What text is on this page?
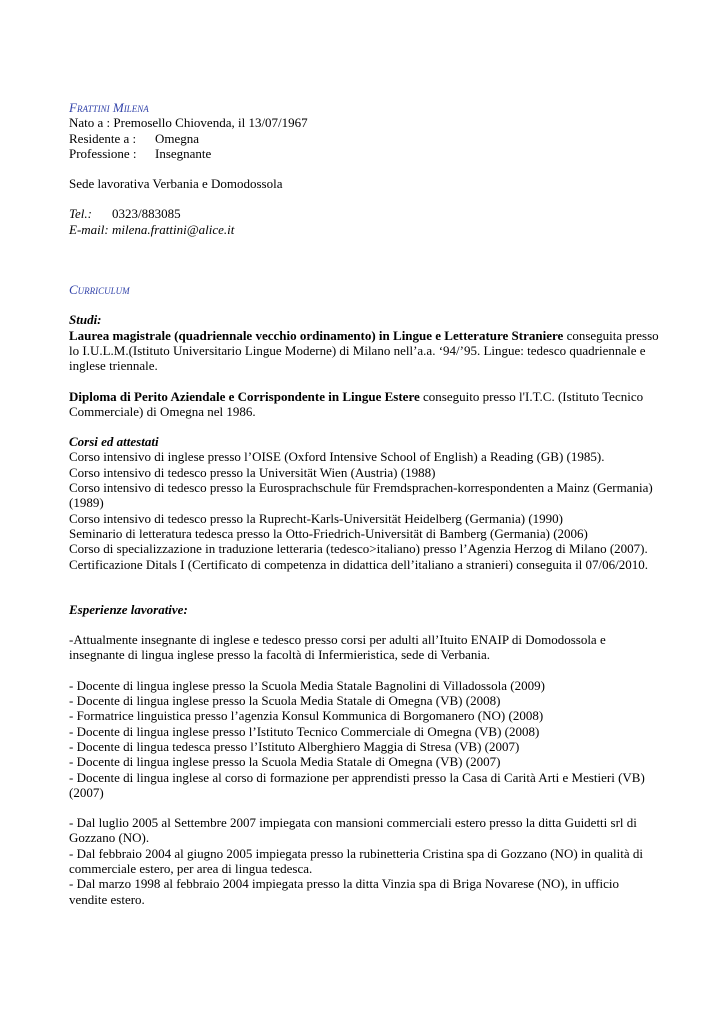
Frattini Milena
Nato a : Premosello Chiovenda, il 13/07/1967
Residente a : Omegna
Professione : Insegnante
Sede lavorativa Verbania e Domodossola
Tel.: 0323/883085
E-mail: milena.frattini@alice.it
Curriculum
Studi:

Laurea magistrale (quadriennale vecchio ordinamento) in Lingue e Letterature Straniere conseguita presso lo I.U.L.M.(Istituto Universitario Lingue Moderne) di Milano nell’a.a. ‘94/’95. Lingue: tedesco quadriennale e inglese triennale.

Diploma di Perito Aziendale e Corrispondente in Lingue Estere conseguito presso l'I.T.C. (Istituto Tecnico Commerciale) di Omegna nel 1986.

Corsi ed attestati
Corso intensivo di inglese presso l’OISE (Oxford Intensive School of English) a Reading (GB) (1985).
Corso intensivo di tedesco presso la Universität Wien (Austria) (1988)
Corso intensivo di tedesco presso la Eurosprachschule für Fremdsprachen-korrespondenten a Mainz (Germania) (1989)
Corso intensivo di tedesco presso la Ruprecht-Karls-Universität Heidelberg (Germania) (1990)
Seminario di letteratura tedesca presso la Otto-Friedrich-Universität di Bamberg (Germania) (2006)
Corso di specializzazione in traduzione letteraria (tedesco>italiano) presso l’Agenzia Herzog di Milano (2007).
Certificazione Ditals I (Certificato di competenza in didattica dell’italiano a stranieri) conseguita il 07/06/2010.
Esperienze lavorative:

-Attualmente insegnante di inglese e tedesco presso corsi per adulti all’Ituito ENAIP di Domodossola e insegnante di lingua inglese presso la facoltà di Infermieristica, sede di Verbania.

- Docente di lingua inglese presso la Scuola Media Statale Bagnolini di Villadossola (2009)
- Docente di lingua inglese presso la Scuola Media Statale di Omegna (VB) (2008)
- Formatrice linguistica presso l’agenzia Konsul Kommunica di Borgomanero (NO) (2008)
- Docente di lingua inglese presso l’Istituto Tecnico Commerciale di Omegna (VB) (2008)
- Docente di lingua tedesca presso l’Istituto Alberghiero Maggia di Stresa (VB) (2007)
- Docente di lingua inglese presso la Scuola Media Statale di Omegna (VB) (2007)
- Docente di lingua inglese al corso di formazione per apprendisti presso la Casa di Carità Arti e Mestieri (VB) (2007)
- Dal luglio 2005 al Settembre 2007 impiegata con mansioni commerciali estero presso la ditta Guidetti srl di Gozzano (NO).
- Dal febbraio 2004 al giugno 2005 impiegata presso la rubinetteria Cristina spa di Gozzano (NO) in qualità di commerciale estero, per area di lingua tedesca.
- Dal marzo 1998 al febbraio 2004 impiegata presso la ditta Vinzia spa di Briga Novarese (NO), in ufficio vendite estero.
